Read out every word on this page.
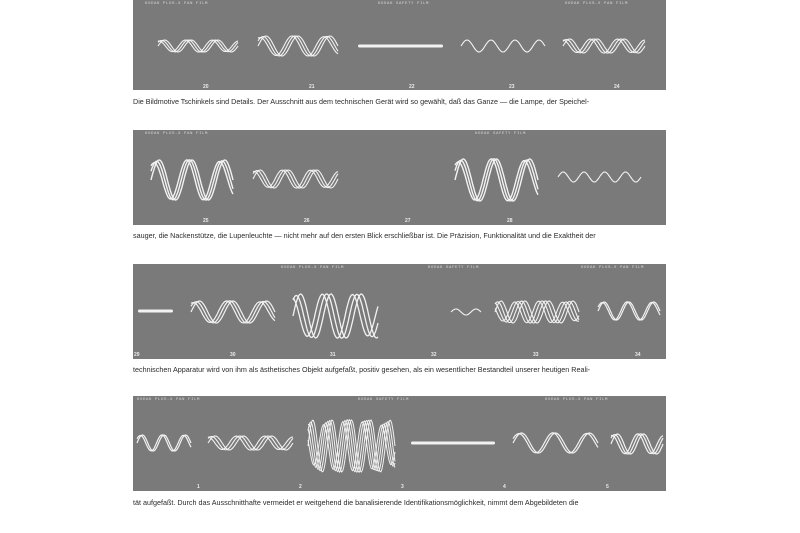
KODAK PLUS-X PAN FILM	KODAK SAFETY FILM	KODAK PLUS-X PAN FILM
20	21	22	23	24
Die Bildmotive Tschinkels sind Details. Der Ausschnitt aus dem technischen Gerät wird so gewählt, daß das Ganze — die Lampe, der Speichel-
KODAK PLUS-X PAN FILM	KODAK SAFETY FILM
25	26	27	28
sauger, die Nackenstütze, die Lupenleuchte — nicht mehr auf den ersten Blick erschließbar ist. Die Präzision, Funktionalität und die Exaktheit der
KODAK PLUS-X PAN FILM	KODAK SAFETY FILM	KODAK PLUS-X PAN FILM
29	30	31	32	33	34
technischen Apparatur wird von ihm als ästhetisches Objekt aufgefaßt, positiv gesehen, als ein wesentlicher Bestandteil unserer heutigen Reali-
KODAK PLUS-X PAN FILM	KODAK SAFETY FILM	KODAK PLUS-X PAN FILM
1	2	3	4	5
tät aufgefaßt. Durch das Ausschnitthafte vermeidet er weitgehend die banalisierende Identifikationsmöglichkeit, nimmt dem Abgebildeten die
